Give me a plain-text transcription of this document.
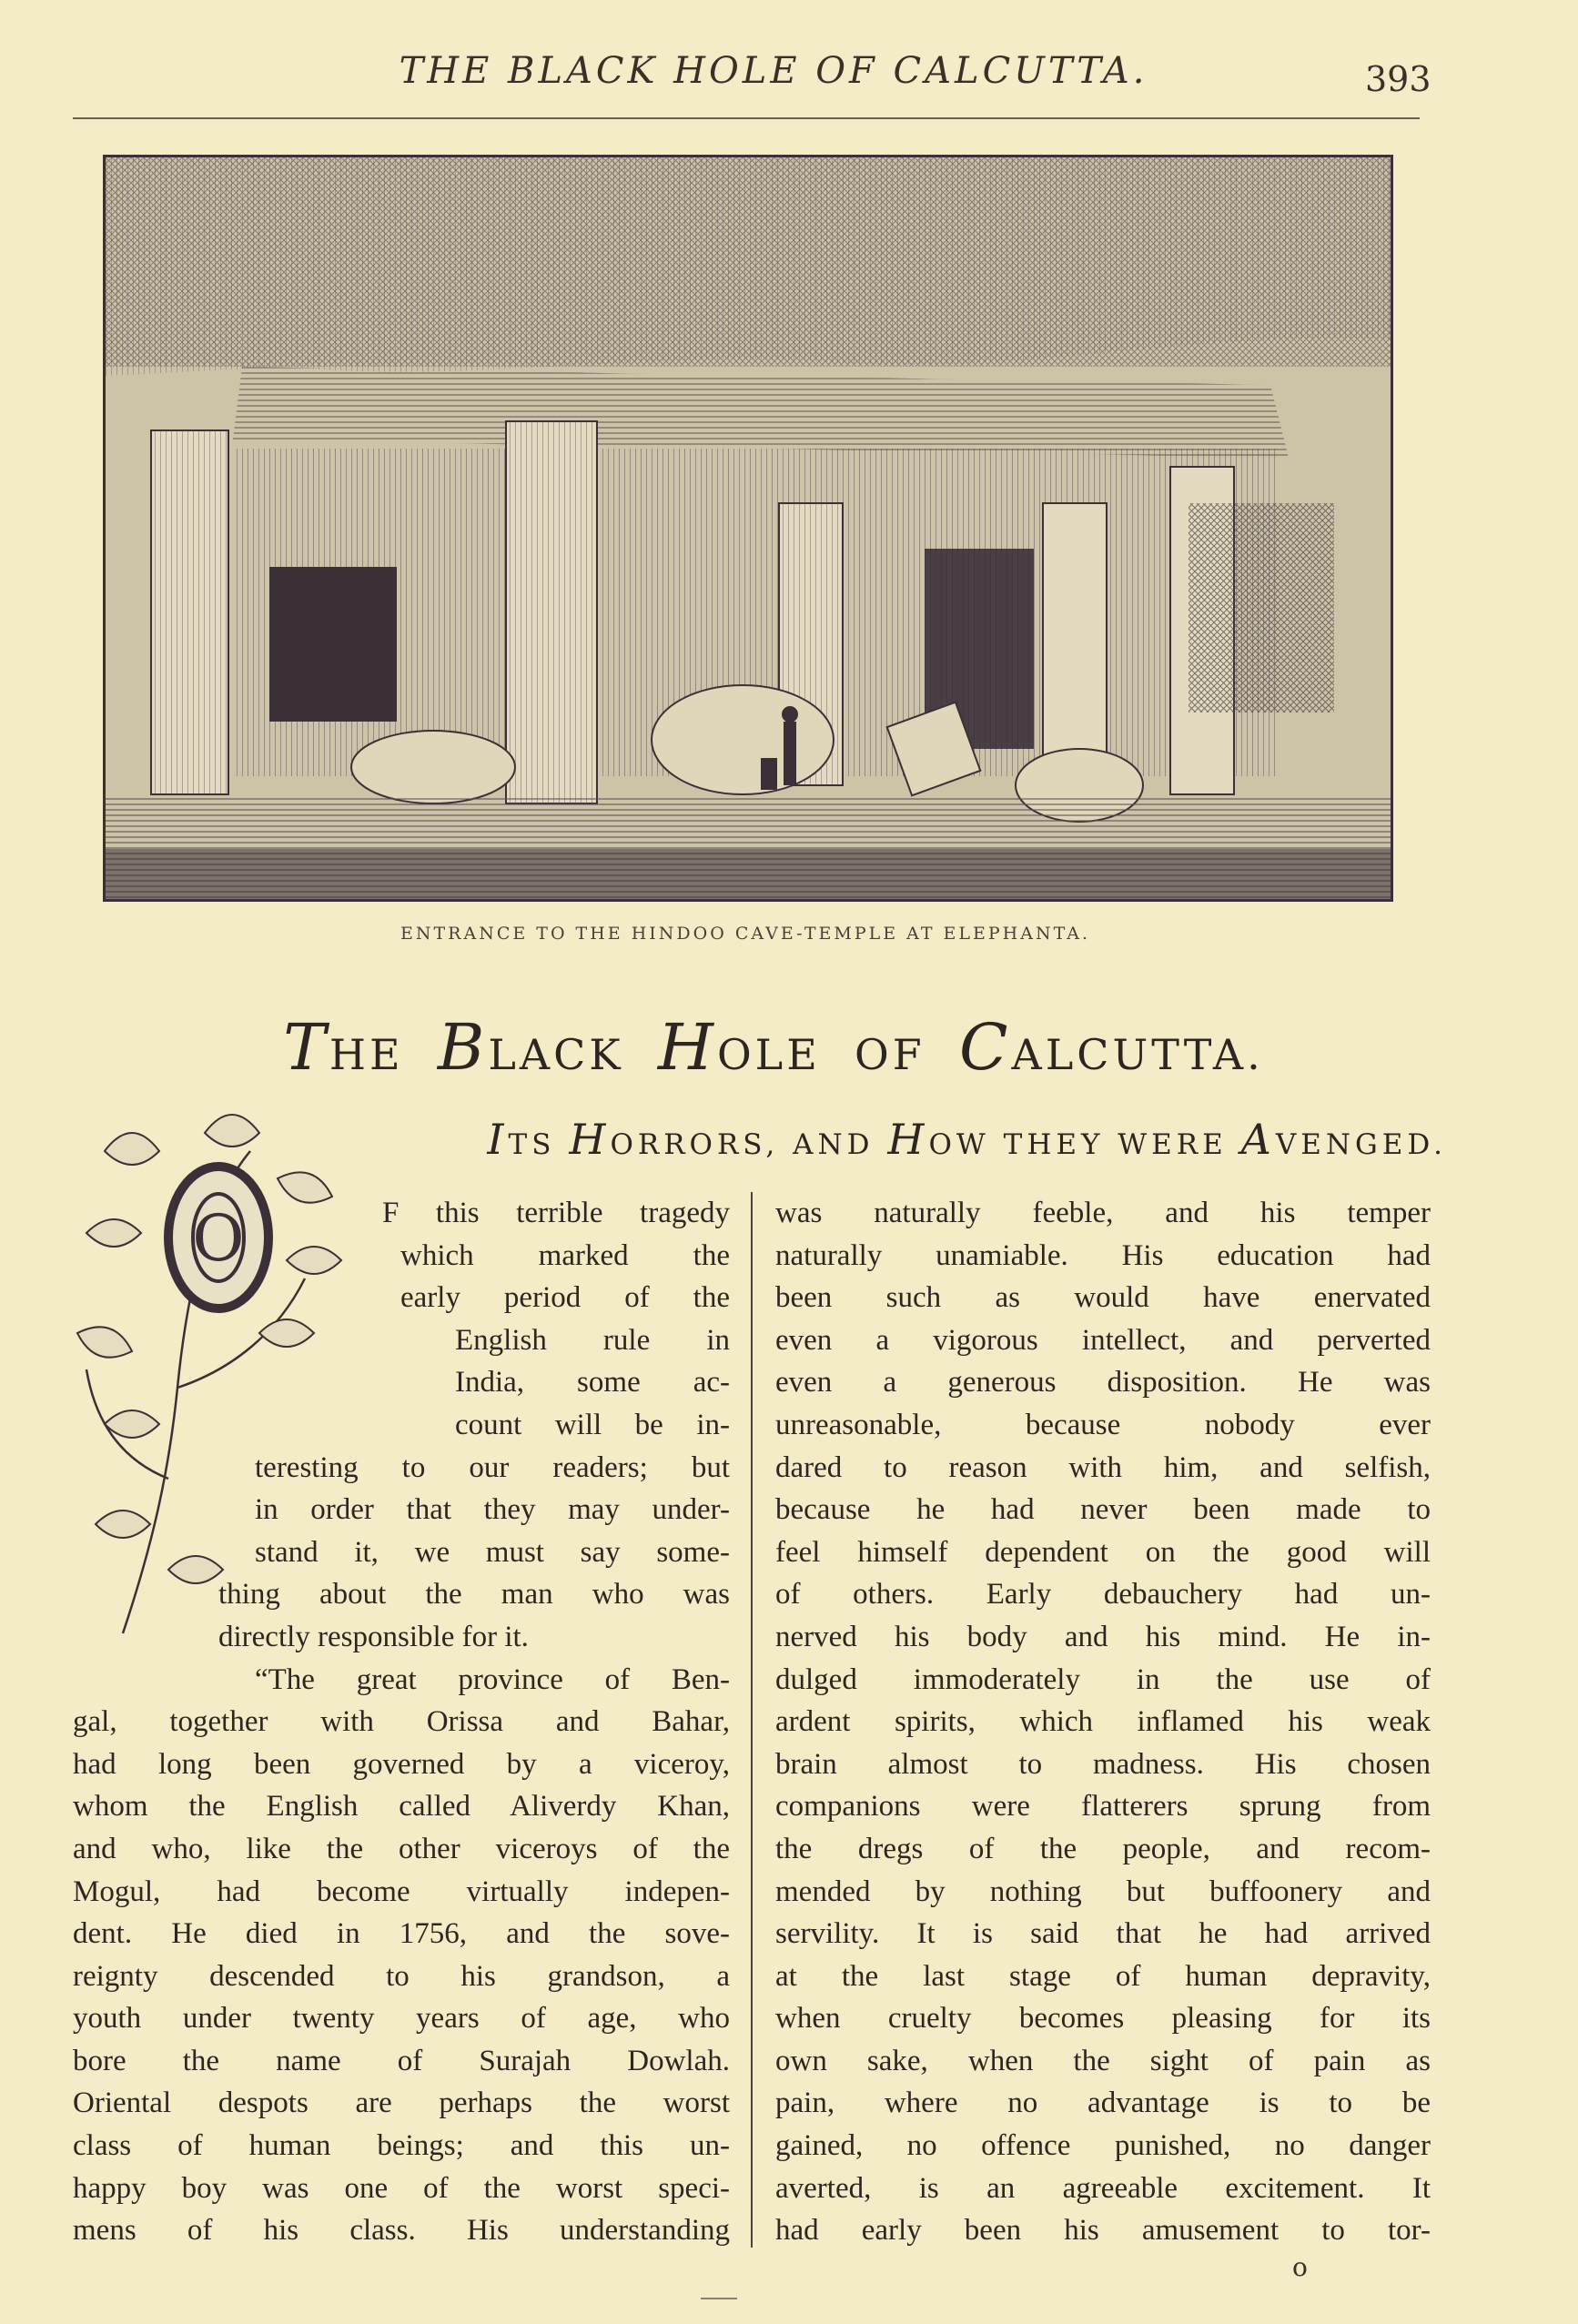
THE BLACK HOLE OF CALCUTTA.	393
ENTRANCE TO THE HINDOO CAVE-TEMPLE AT ELEPHANTA.
THE BLACK HOLE OF CALCUTTA.
ITS HORRORS, AND HOW THEY WERE AVENGED.
O	F this terrible tragedy
which marked the
early period of the
English rule in
India, some ac-
count will be in-
teresting to our readers; but
in order that they may under-
stand it, we must say some-
thing about the man who was
directly responsible for it.
“The great province of Ben-
gal, together with Orissa and Bahar,
had long been governed by a viceroy,
whom the English called Aliverdy Khan,
and who, like the other viceroys of the
Mogul, had become virtually indepen-
dent. He died in 1756, and the sove-
reignty descended to his grandson, a
youth under twenty years of age, who
bore the name of Surajah Dowlah.
Oriental despots are perhaps the worst
class of human beings; and this un-
happy boy was one of the worst speci-
mens of his class. His understanding
was naturally feeble, and his temper
naturally unamiable. His education had
been such as would have enervated
even a vigorous intellect, and perverted
even a generous disposition. He was
unreasonable, because nobody ever
dared to reason with him, and selfish,
because he had never been made to
feel himself dependent on the good will
of others. Early debauchery had un-
nerved his body and his mind. He in-
dulged immoderately in the use of
ardent spirits, which inflamed his weak
brain almost to madness. His chosen
companions were flatterers sprung from
the dregs of the people, and recom-
mended by nothing but buffoonery and
servility. It is said that he had arrived
at the last stage of human depravity,
when cruelty becomes pleasing for its
own sake, when the sight of pain as
pain, where no advantage is to be
gained, no offence punished, no danger
averted, is an agreeable excitement. It
had early been his amusement to tor-
o
